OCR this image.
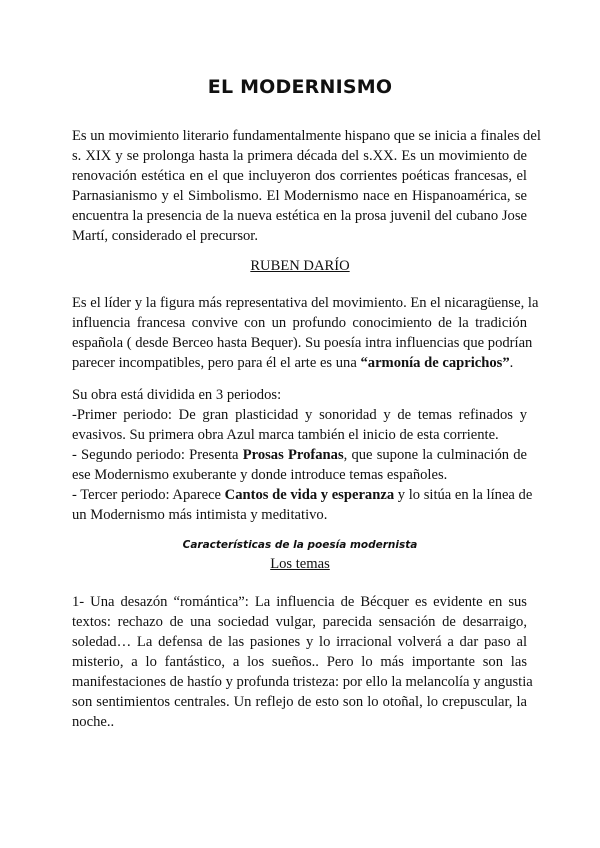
EL MODERNISMO

Es un movimiento literario fundamentalmente hispano que se inicia a finales del
s. XIX y se prolonga hasta la primera década del s.XX. Es un movimiento de
renovación estética en el que incluyeron dos corrientes poéticas francesas, el
Parnasianismo y el Simbolismo. El Modernismo nace en Hispanoamérica, se
encuentra la presencia de la nueva estética en la prosa juvenil del cubano Jose
Martí, considerado el precursor.

RUBEN DARÍO

Es el líder y la figura más representativa del movimiento. En el nicaragüense, la
influencia francesa convive con un profundo conocimiento de la tradición
española ( desde Berceo hasta Bequer). Su poesía intra influencias que podrían
parecer incompatibles, pero para él el arte es una “armonía de caprichos”.

Su obra está dividida en 3 periodos:
-Primer periodo: De gran plasticidad y sonoridad y de temas refinados y
evasivos. Su primera obra Azul marca también el inicio de esta corriente.
- Segundo periodo: Presenta Prosas Profanas, que supone la culminación de
ese Modernismo exuberante y donde introduce temas españoles.
- Tercer periodo: Aparece Cantos de vida y esperanza y lo sitúa en la línea de
un Modernismo más intimista y meditativo.

Características de la poesía modernista
Los temas

1- Una desazón “romántica”: La influencia de Bécquer es evidente en sus
textos: rechazo de una sociedad vulgar, parecida sensación de desarraigo,
soledad… La defensa de las pasiones y lo irracional volverá a dar paso al
misterio, a lo fantástico, a los sueños.. Pero lo más importante son las
manifestaciones de hastío y profunda tristeza: por ello la melancolía y angustia
son sentimientos centrales. Un reflejo de esto son lo otoñal, lo crepuscular, la
noche..
